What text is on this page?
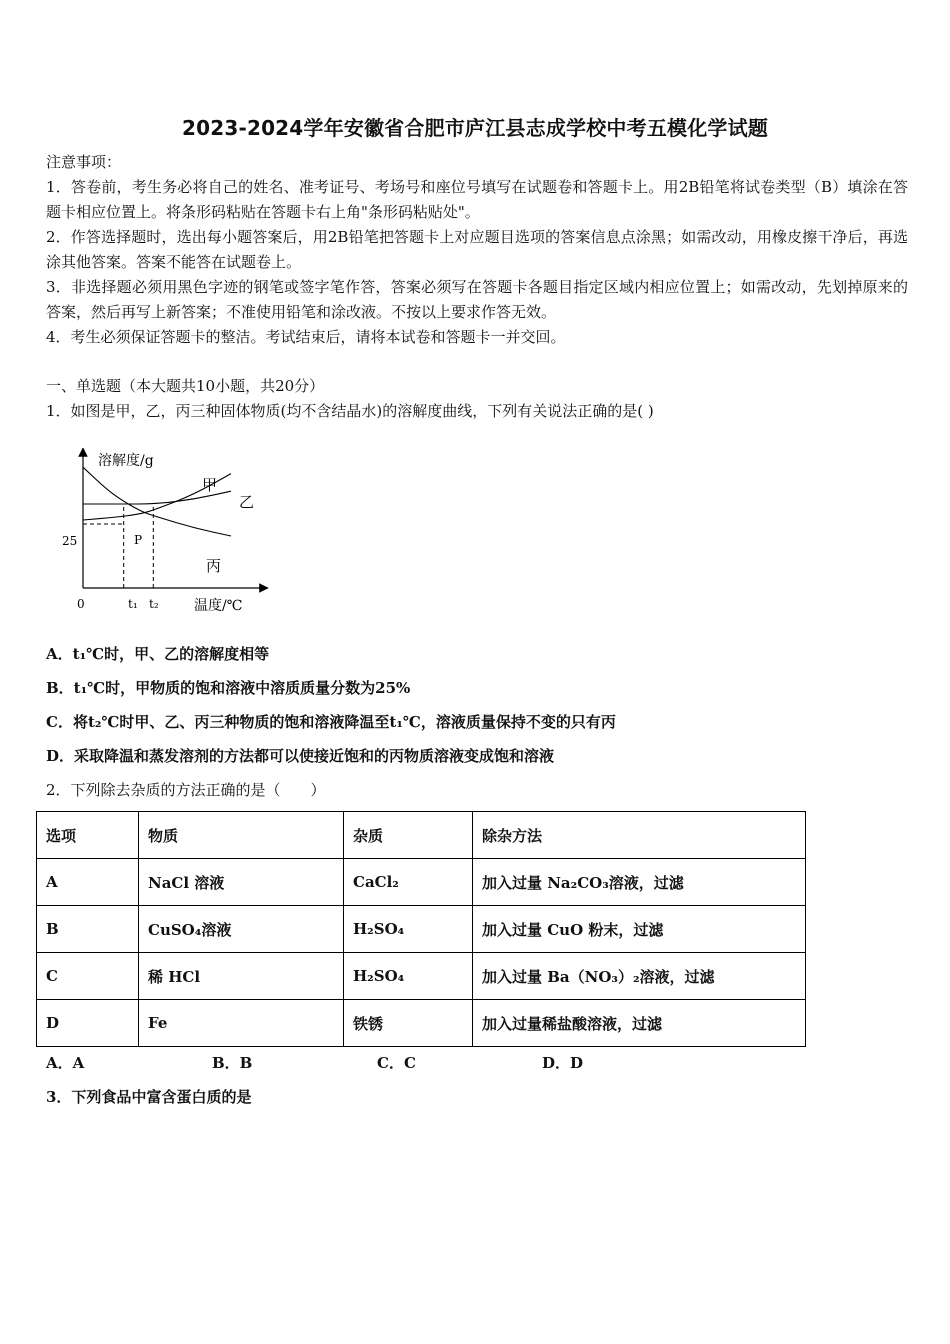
2023-2024学年安徽省合肥市庐江县志成学校中考五模化学试题

注意事项：

1．答卷前，考生务必将自己的姓名、准考证号、考场号和座位号填写在试题卷和答题卡上。用2B铅笔将试卷类型（B）填涂在答题卡相应位置上。将条形码粘贴在答题卡右上角"条形码粘贴处"。

2．作答选择题时，选出每小题答案后，用2B铅笔把答题卡上对应题目选项的答案信息点涂黑；如需改动，用橡皮擦干净后，再选涂其他答案。答案不能答在试题卷上。

3．非选择题必须用黑色字迹的钢笔或签字笔作答，答案必须写在答题卡各题目指定区域内相应位置上；如需改动，先划掉原来的答案，然后再写上新答案；不准使用铅笔和涂改液。不按以上要求作答无效。

4．考生必须保证答题卡的整洁。考试结束后，请将本试卷和答题卡一并交回。

一、单选题（本大题共10小题，共20分）
1．如图是甲，乙，丙三种固体物质(均不含结晶水)的溶解度曲线，下列有关说法正确的是( )
溶解度/g
温度/℃
0	t₁ t₂
25	P
甲
乙
丙
A．t₁℃时，甲、乙的溶解度相等
B．t₁℃时，甲物质的饱和溶液中溶质质量分数为25%
C．将t₂℃时甲、乙、丙三种物质的饱和溶液降温至t₁℃，溶液质量保持不变的只有丙
D．采取降温和蒸发溶剂的方法都可以使接近饱和的丙物质溶液变成饱和溶液
2．下列除去杂质的方法正确的是（　　）
选项	物质	杂质	除杂方法
A	NaCl 溶液	CaCl₂	加入过量 Na₂CO₃溶液，过滤
B	CuSO₄溶液	H₂SO₄	加入过量 CuO 粉末，过滤
C	稀 HCl	H₂SO₄	加入过量 Ba（NO₃）₂溶液，过滤
D	Fe	铁锈	加入过量稀盐酸溶液，过滤
A．A	B．B	C．C	D．D
3．下列食品中富含蛋白质的是
